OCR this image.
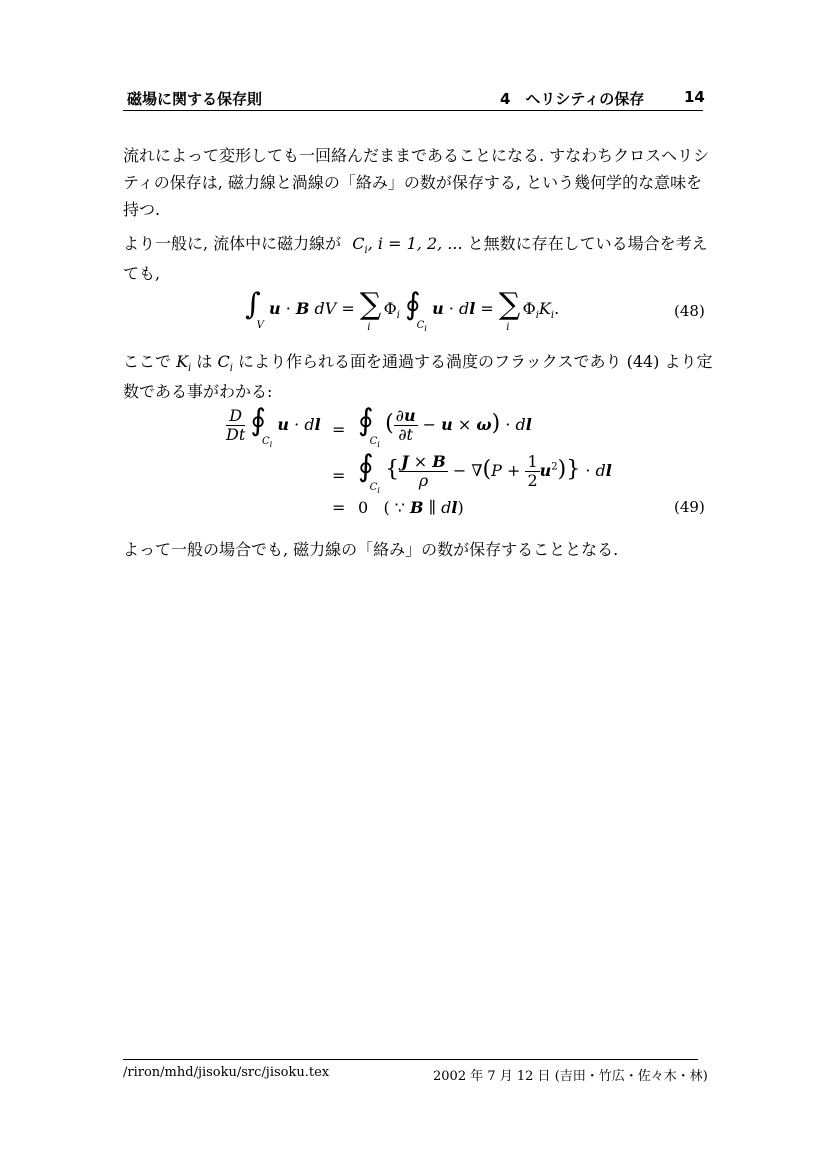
磁場に関する保存則	4　ヘリシティの保存	14
流れによって変形しても一回絡んだままであることになる. すなわちクロスヘリシ
ティの保存は, 磁力線と渦線の「絡み」の数が保存する, という幾何学的な意味を
持つ.
より一般に, 流体中に磁力線が $C_i$, i = 1, 2, ... と無数に存在している場合を考え
ても,
$\int_V$ u · B dV = $\sum_i$ $\Phi_i$ $∮_{C_i}$ u · dl = $\sum_i$ $\Phi_iK_i$.	(48)
ここで $K_i$ は $C_i$ により作られる面を通過する渦度のフラックスであり (44) より定
数である事がわかる:
$\frac{D}{Dt}$ $∮_{C_i}$ u · dl = $∮_{C_i}$ ( $\frac{\partial u}{\partial t} - u \times \omega$) · dl
= $∮_{C_i}$ { $\frac{J \times B}{\rho} - \nabla(P + \frac{1}{2} u^2)$} · dl
= 0   ( ∵ B ∥ dl)	(49)
よって一般の場合でも, 磁力線の「絡み」の数が保存することとなる.
/riron/mhd/jisoku/src/jisoku.tex	2002 年 7 月 12 日 (吉田・竹広・佐々木・林)
